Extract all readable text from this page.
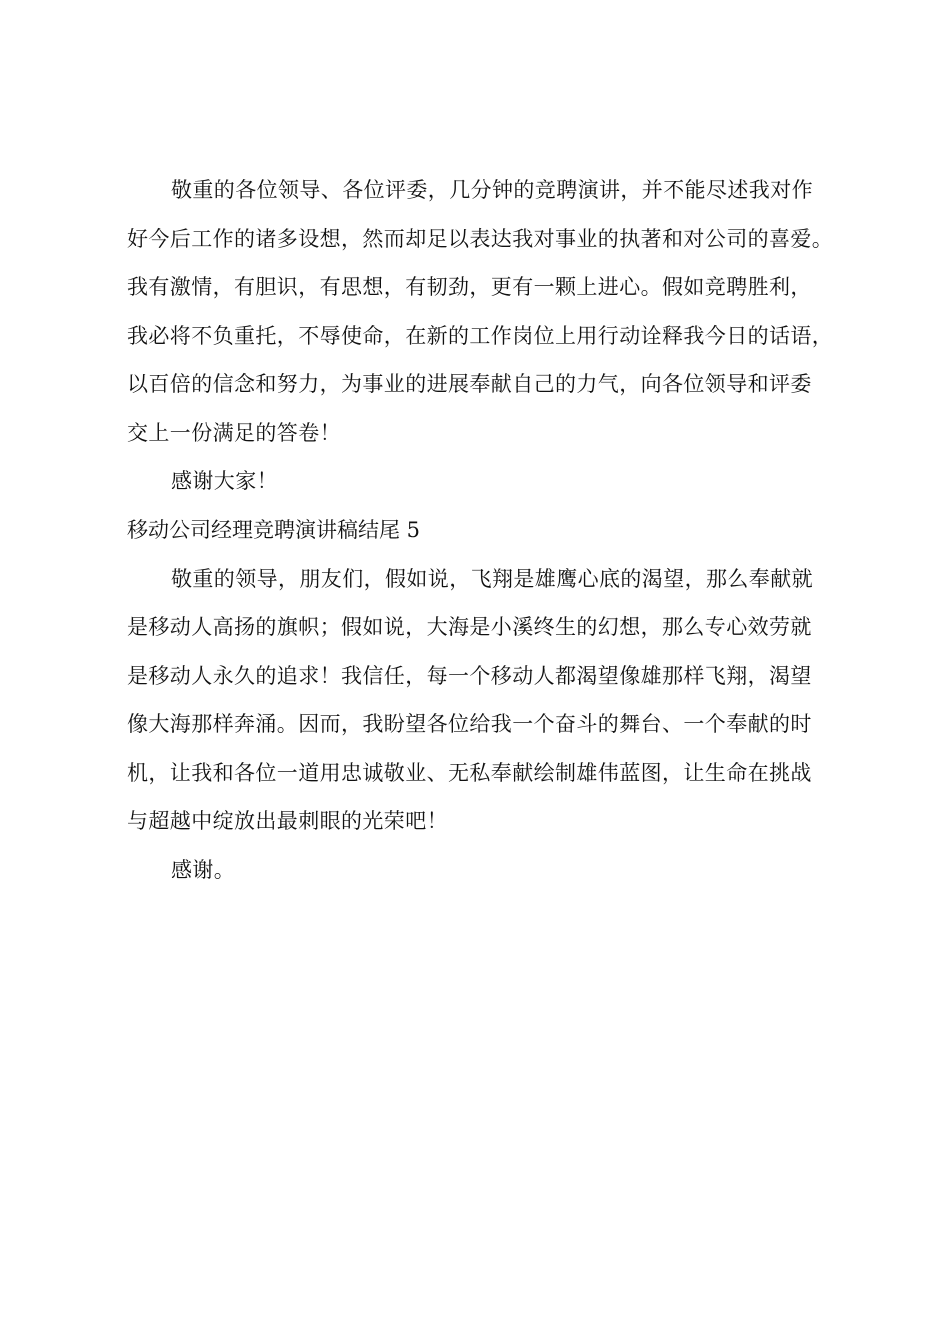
敬重的各位领导、各位评委，几分钟的竞聘演讲，并不能尽述我对作
好今后工作的诸多设想，然而却足以表达我对事业的执著和对公司的喜爱。
我有激情，有胆识，有思想，有韧劲，更有一颗上进心。假如竞聘胜利，
我必将不负重托，不辱使命，在新的工作岗位上用行动诠释我今日的话语，
以百倍的信念和努力，为事业的进展奉献自己的力气，向各位领导和评委
交上一份满足的答卷！
感谢大家！
移动公司经理竞聘演讲稿结尾 5
敬重的领导，朋友们，假如说，飞翔是雄鹰心底的渴望，那么奉献就
是移动人高扬的旗帜；假如说，大海是小溪终生的幻想，那么专心效劳就
是移动人永久的追求！我信任，每一个移动人都渴望像雄那样飞翔，渴望
像大海那样奔涌。因而，我盼望各位给我一个奋斗的舞台、一个奉献的时
机，让我和各位一道用忠诚敬业、无私奉献绘制雄伟蓝图，让生命在挑战
与超越中绽放出最刺眼的光荣吧！
感谢。
